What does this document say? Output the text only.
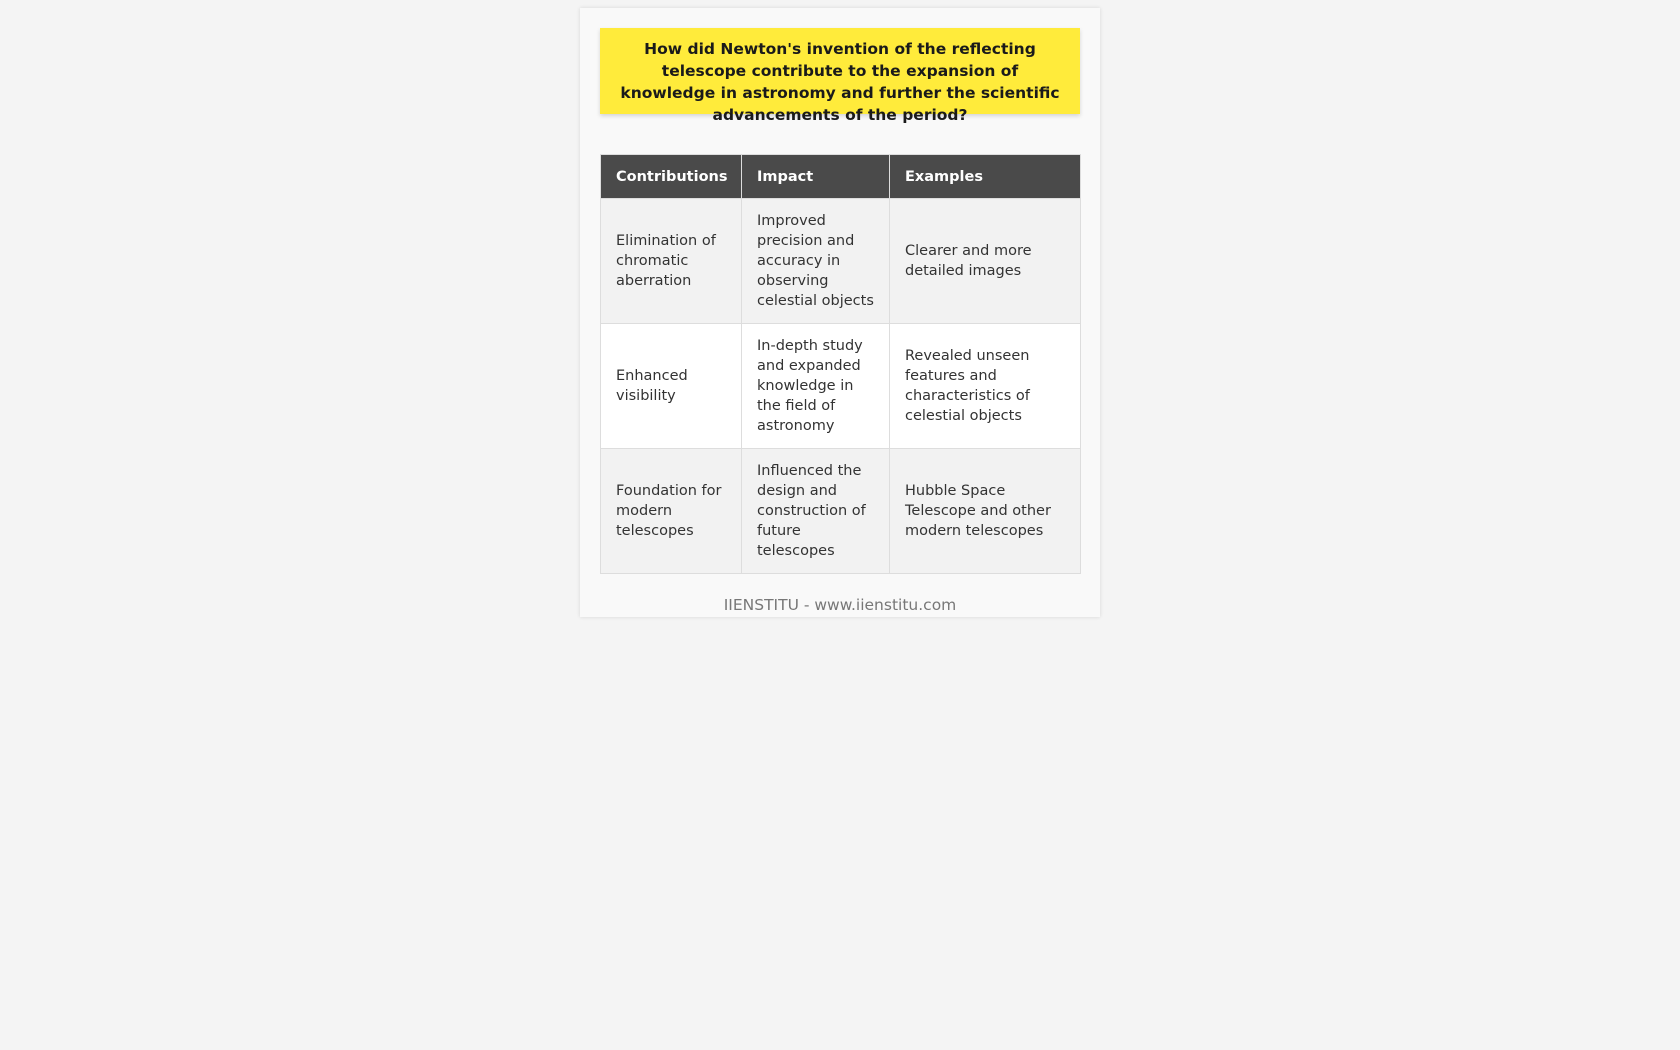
How did Newton's invention of the reflecting telescope contribute to the expansion of knowledge in astronomy and further the scientific advancements of the period?
Contributions	Impact	Examples
Elimination of chromatic aberration	Improved precision and accuracy in observing celestial objects	Clearer and more detailed images
Enhanced visibility	In-depth study and expanded knowledge in the field of astronomy	Revealed unseen features and characteristics of celestial objects
Foundation for modern telescopes	Influenced the design and construction of future telescopes	Hubble Space Telescope and other modern telescopes
IIENSTITU - www.iienstitu.com
